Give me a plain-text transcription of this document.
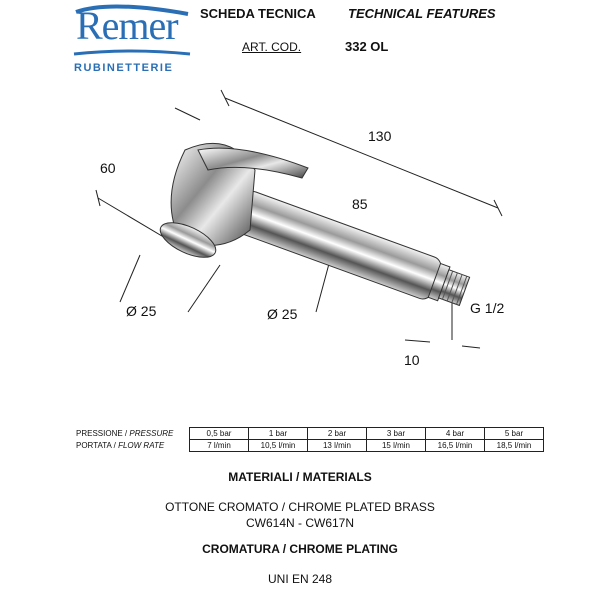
Remer
RUBINETTERIE
SCHEDA TECNICA TECHNICAL FEATURES
ART. COD.	332 OL
130
60
85
Ø 25	Ø 25	G 1/2
10
PRESSIONE / PRESSURE	0,5 bar	1 bar	2 bar	3 bar	4 bar	5 bar
PORTATA / FLOW RATE	7 l/min	10,5 l/min	13 l/min	15 l/min	16,5 l/min	18,5 l/min
MATERIALI / MATERIALS
OTTONE CROMATO / CHROME PLATED BRASS
CW614N - CW617N
CROMATURA / CHROME PLATING
UNI EN 248
